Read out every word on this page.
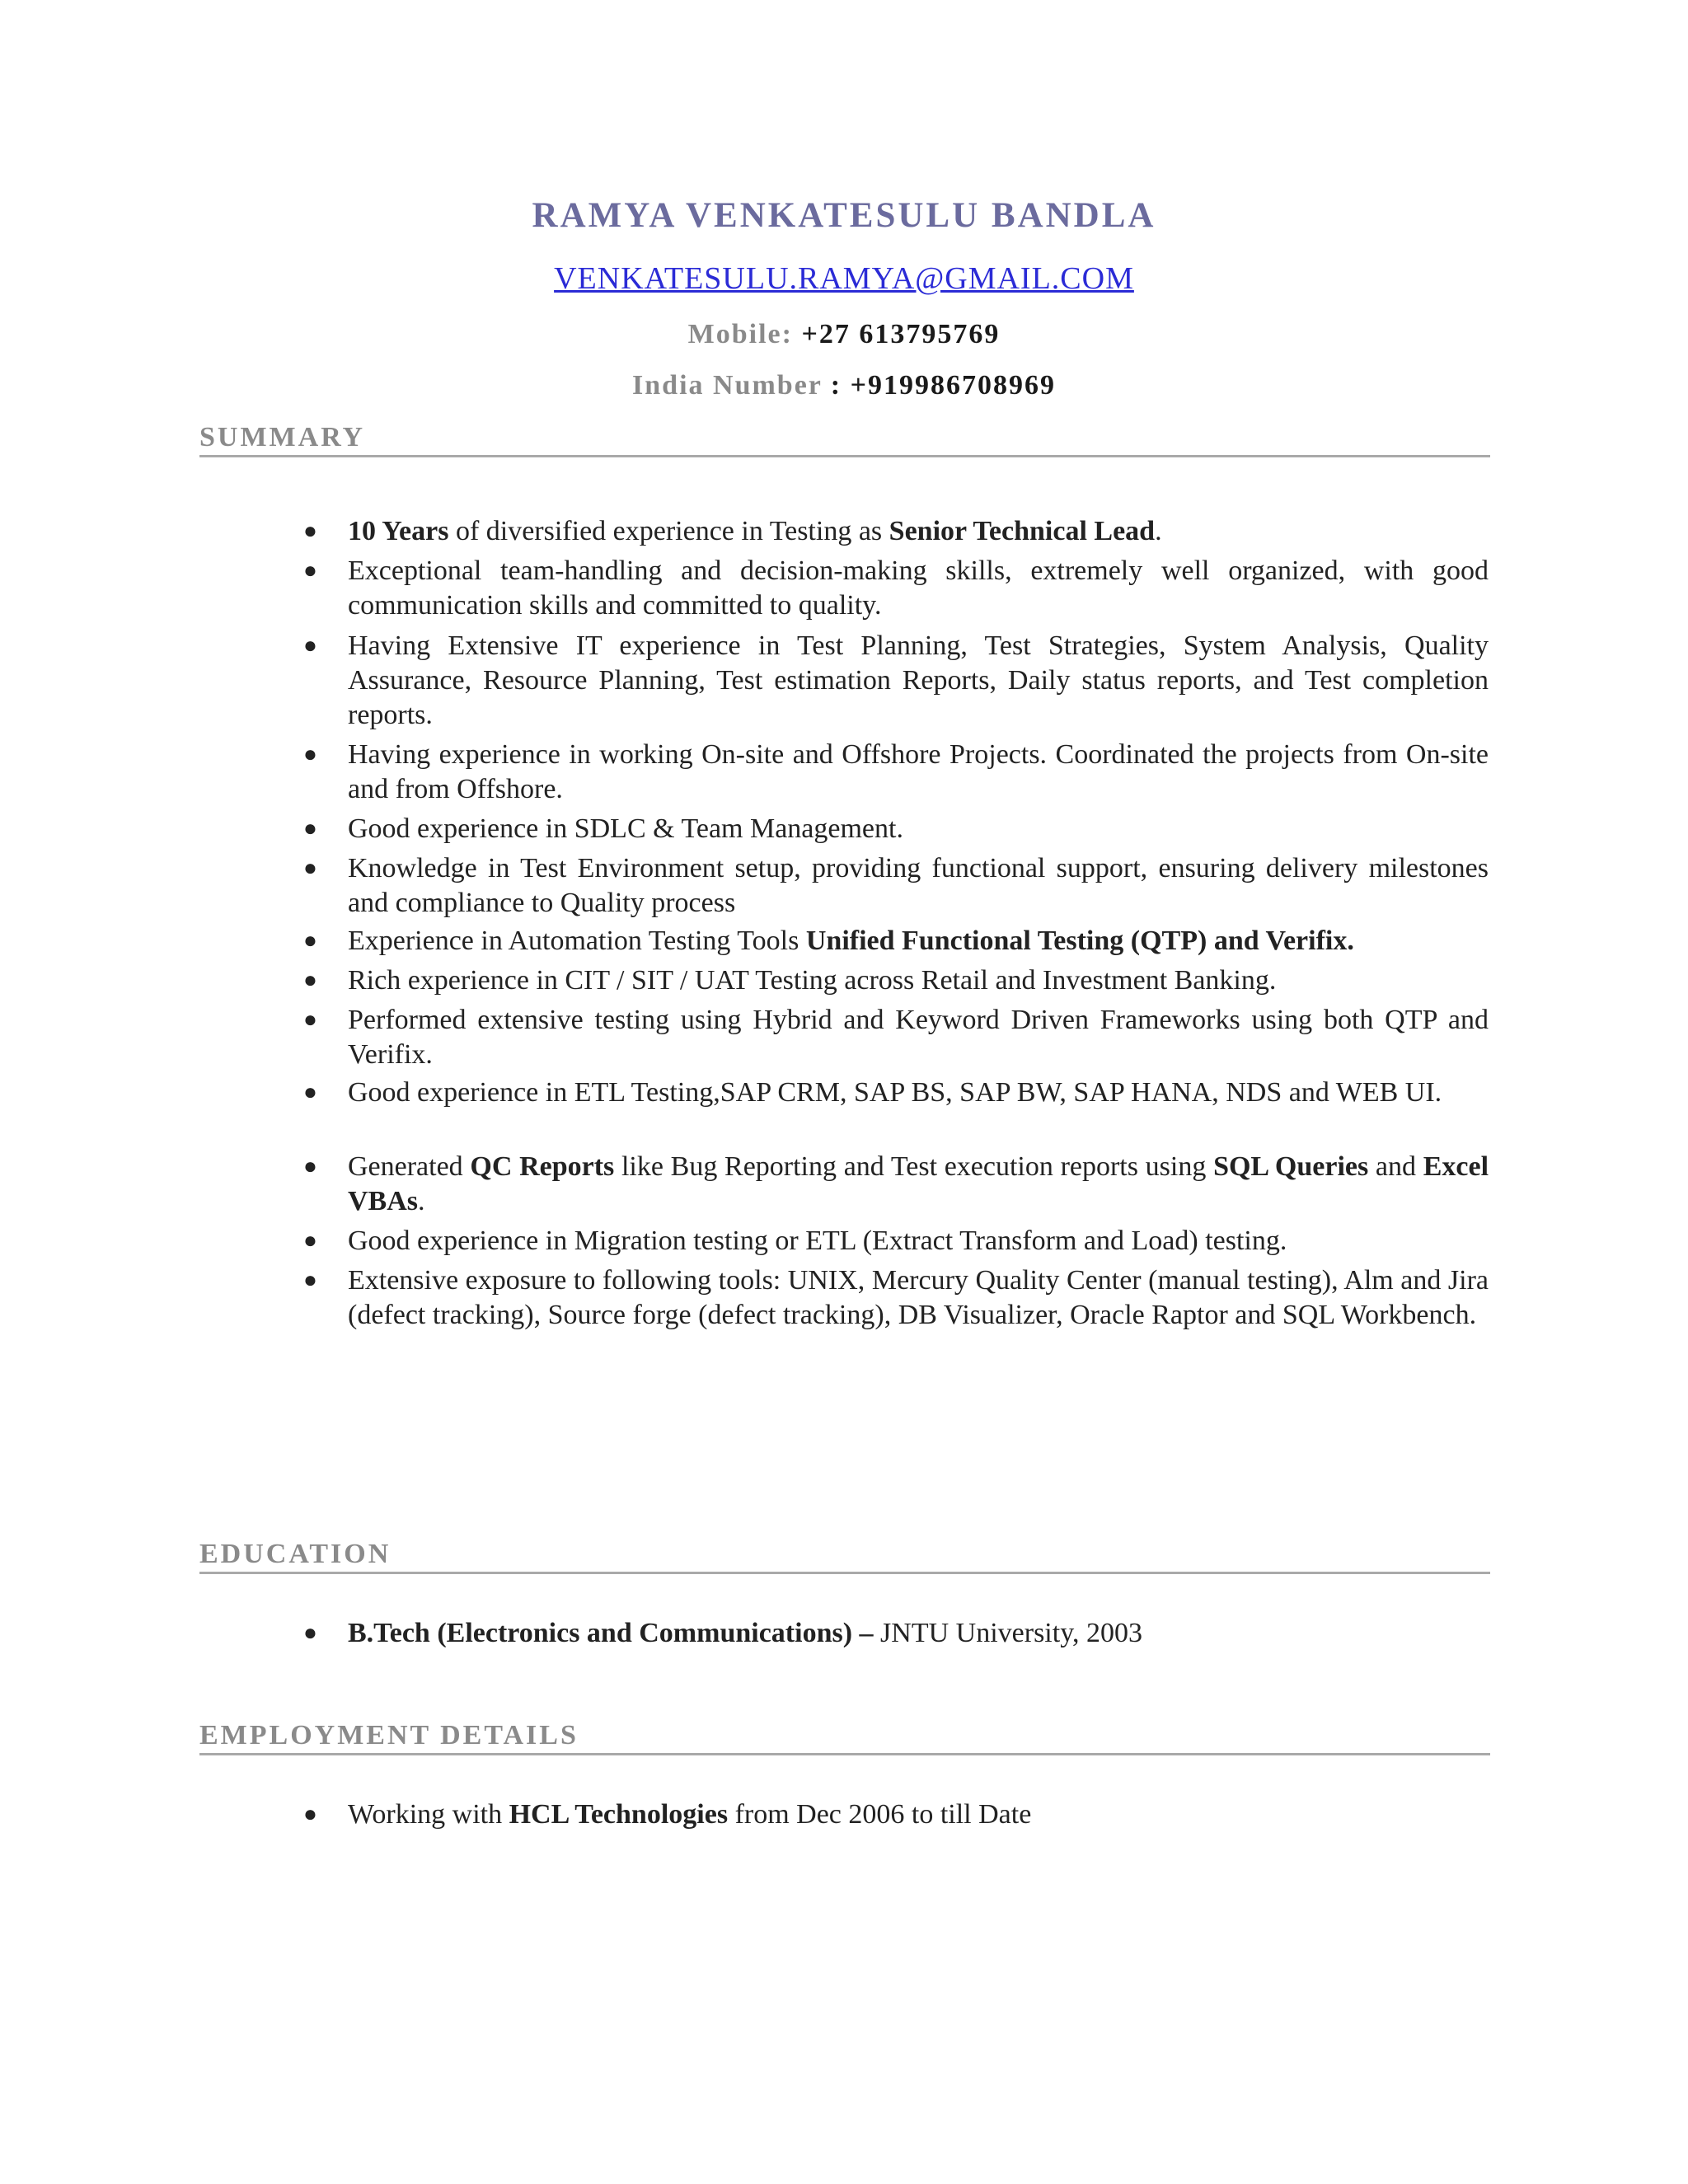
RAMYA VENKATESULU BANDLA
VENKATESULU.RAMYA@GMAIL.COM
Mobile: +27 613795769
India Number : +919986708969
SUMMARY
● 10 Years of diversified experience in Testing as Senior Technical Lead.
● Exceptional team-handling and decision-making skills, extremely well organized, with good communication skills and committed to quality.
● Having Extensive IT experience in Test Planning, Test Strategies, System Analysis, Quality Assurance, Resource Planning, Test estimation Reports, Daily status reports, and Test completion reports.
● Having experience in working On-site and Offshore Projects. Coordinated the projects from On-site and from Offshore.
● Good experience in SDLC & Team Management.
● Knowledge in Test Environment setup, providing functional support, ensuring delivery milestones and compliance to Quality process
● Experience in Automation Testing Tools Unified Functional Testing (QTP) and Verifix.
● Rich experience in CIT / SIT / UAT Testing across Retail and Investment Banking.
● Performed extensive testing using Hybrid and Keyword Driven Frameworks using both QTP and Verifix.
● Good experience in ETL Testing,SAP CRM, SAP BS, SAP BW, SAP HANA, NDS and WEB UI.
● Generated QC Reports like Bug Reporting and Test execution reports using SQL Queries and Excel VBAs.
● Good experience in Migration testing or ETL (Extract Transform and Load) testing.
● Extensive exposure to following tools: UNIX, Mercury Quality Center (manual testing), Alm and Jira (defect tracking), Source forge (defect tracking), DB Visualizer, Oracle Raptor and SQL Workbench.
EDUCATION
● B.Tech (Electronics and Communications) – JNTU University, 2003
EMPLOYMENT DETAILS
● Working with HCL Technologies from Dec 2006 to till Date
